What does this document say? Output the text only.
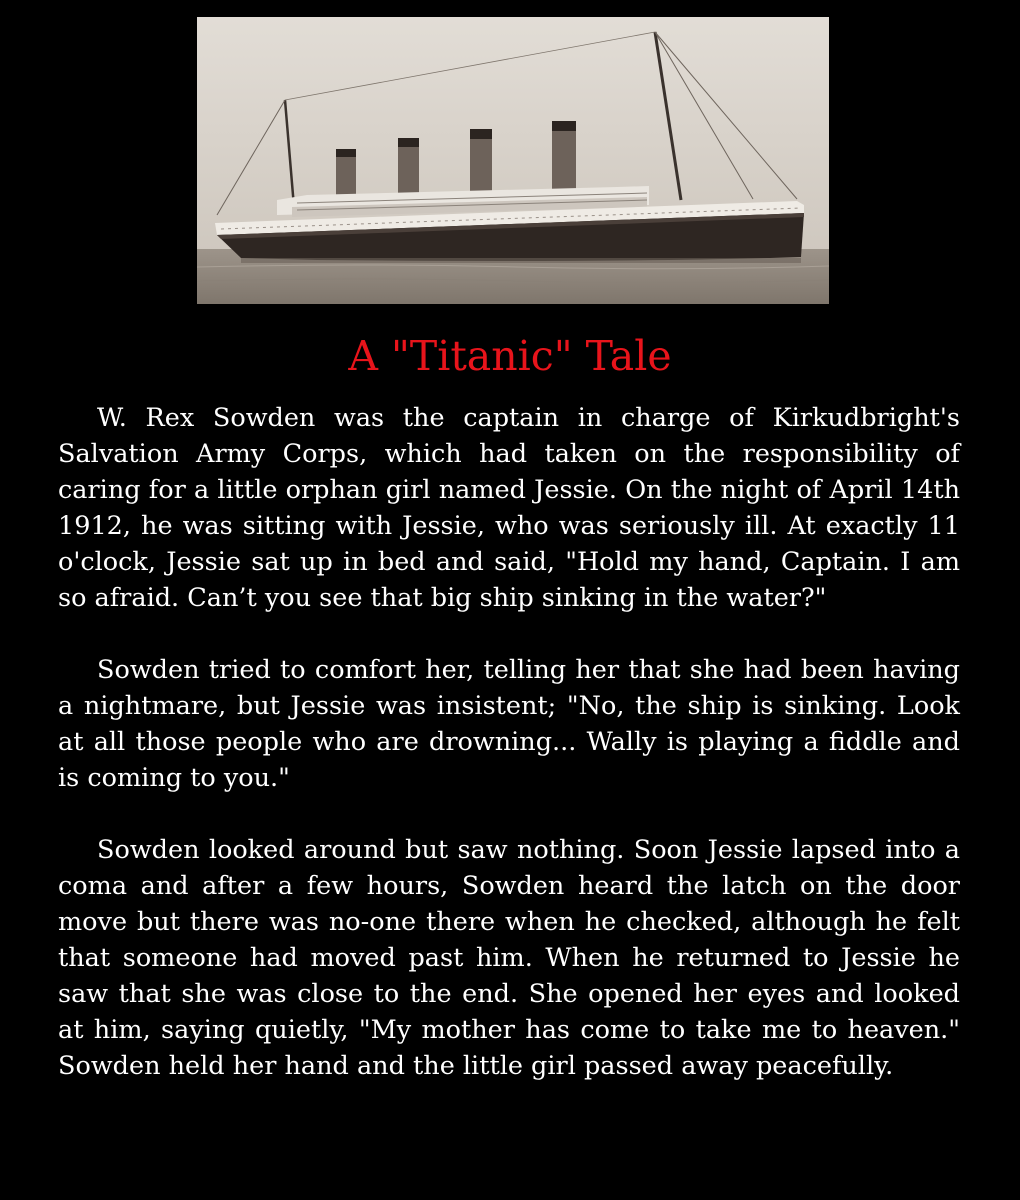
A "Titanic" Tale

W. Rex Sowden was the captain in charge of Kirkudbright's Salvation Army Corps, which had taken on the responsibility of caring for a little orphan girl named Jessie. On the night of April 14th 1912, he was sitting with Jessie, who was seriously ill. At exactly 11 o'clock, Jessie sat up in bed and said, "Hold my hand, Captain. I am so afraid. Can’t you see that big ship sinking in the water?"

Sowden tried to comfort her, telling her that she had been having a nightmare, but Jessie was insistent; "No, the ship is sinking. Look at all those people who are drowning... Wally is playing a fiddle and is coming to you."

Sowden looked around but saw nothing. Soon Jessie lapsed into a coma and after a few hours, Sowden heard the latch on the door move but there was no-one there when he checked, although he felt that someone had moved past him. When he returned to Jessie he saw that she was close to the end. She opened her eyes and looked at him, saying quietly, "My mother has come to take me to heaven." Sowden held her hand and the little girl passed away peacefully.
